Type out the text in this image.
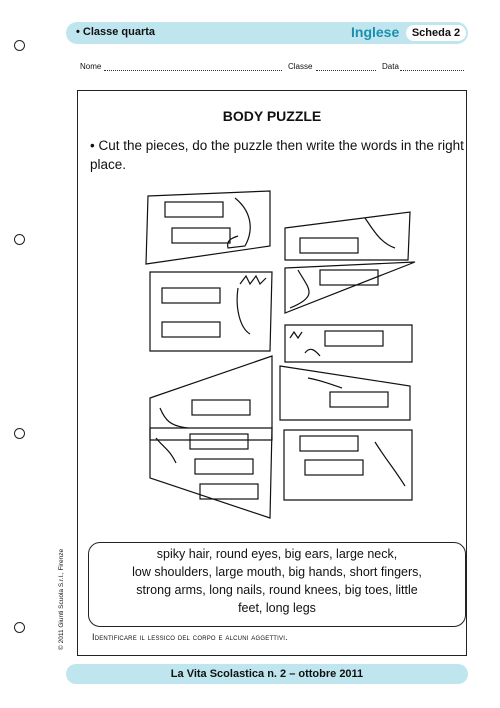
• Classe quarta	Inglese	Scheda 2
Nome	Classe	Data
BODY PUZZLE
• Cut the pieces, do the puzzle then write the words in the right place.
spiky hair, round eyes, big ears, large neck,
low shoulders, large mouth, big hands, short fingers,
strong arms, long nails, round knees, big toes, little
feet, long legs
Identificare il lessico del corpo e alcuni aggettivi.
© 2011 Giunti Scuola S.r.l., Firenze
La Vita Scolastica n. 2 – ottobre 2011
